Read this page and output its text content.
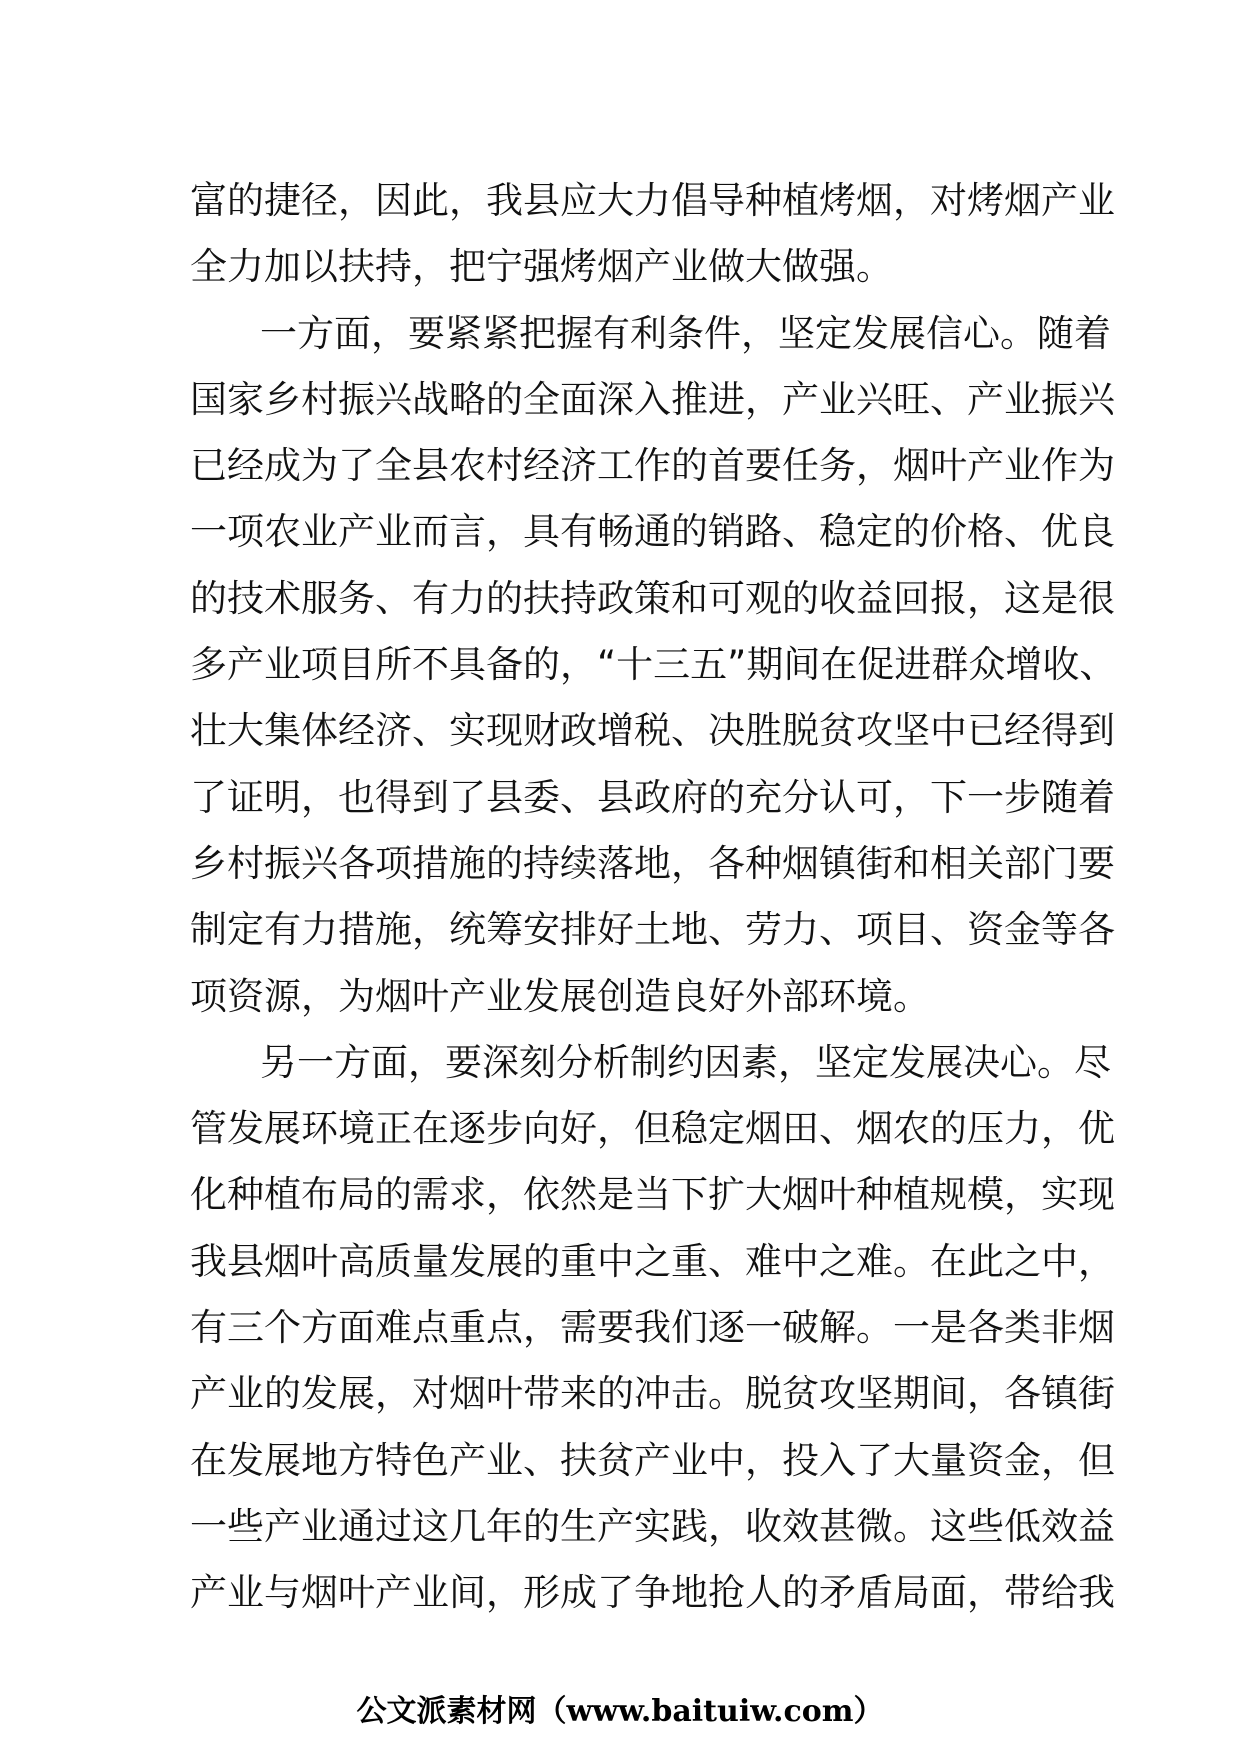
富的捷径，因此，我县应大力倡导种植烤烟，对烤烟产业
全力加以扶持，把宁强烤烟产业做大做强。
一方面，要紧紧把握有利条件，坚定发展信心。随着
国家乡村振兴战略的全面深入推进，产业兴旺、产业振兴
已经成为了全县农村经济工作的首要任务，烟叶产业作为
一项农业产业而言，具有畅通的销路、稳定的价格、优良
的技术服务、有力的扶持政策和可观的收益回报，这是很
多产业项目所不具备的，“十三五”期间在促进群众增收、
壮大集体经济、实现财政增税、决胜脱贫攻坚中已经得到
了证明，也得到了县委、县政府的充分认可，下一步随着
乡村振兴各项措施的持续落地，各种烟镇街和相关部门要
制定有力措施，统筹安排好土地、劳力、项目、资金等各
项资源，为烟叶产业发展创造良好外部环境。
另一方面，要深刻分析制约因素，坚定发展决心。尽
管发展环境正在逐步向好，但稳定烟田、烟农的压力，优
化种植布局的需求，依然是当下扩大烟叶种植规模，实现
我县烟叶高质量发展的重中之重、难中之难。在此之中，
有三个方面难点重点，需要我们逐一破解。一是各类非烟
产业的发展，对烟叶带来的冲击。脱贫攻坚期间，各镇街
在发展地方特色产业、扶贫产业中，投入了大量资金，但
一些产业通过这几年的生产实践，收效甚微。这些低效益
产业与烟叶产业间，形成了争地抢人的矛盾局面，带给我
公文派素材网（www.baituiw.com）
